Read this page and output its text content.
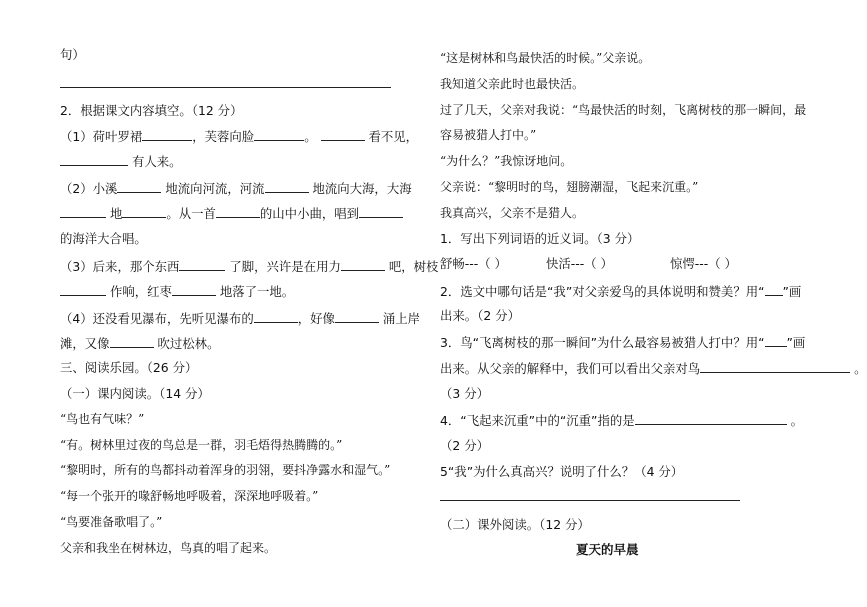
句）
2．根据课文内容填空。（12 分）
（1）荷叶罗裙	，芙蓉向脸	。	看不见，
有人来。
（2）小溪	地流向河流，河流	地流向大海，大海
地	。从一首	的山中小曲，唱到
的海洋大合唱。
（3）后来，那个东西	了脚，兴许是在用力	吧，树枝
作响，红枣	地落了一地。
（4）还没看见瀑布，先听见瀑布的	，好像	涌上岸
滩，又像	吹过松林。
三、阅读乐园。（26 分）
（一）课内阅读。（14 分）
“鸟也有气味？”
“有。树林里过夜的鸟总是一群，羽毛焐得热腾腾的。”
“黎明时，所有的鸟都抖动着浑身的羽翎，要抖净露水和湿气。”
“每一个张开的喙舒畅地呼吸着，深深地呼吸着。”
“鸟要准备歌唱了。”
父亲和我坐在树林边，鸟真的唱了起来。
“这是树林和鸟最快活的时候。”父亲说。
我知道父亲此时也最快活。
过了几天，父亲对我说：“鸟最快活的时刻，飞离树枝的那一瞬间，最
容易被猎人打中。”
“为什么？”我惊讶地问。
父亲说：“黎明时的鸟，翅膀潮湿，飞起来沉重。”
我真高兴，父亲不是猎人。
1．写出下列词语的近义词。（3 分）
舒畅---（ ）	快活---（ ）	惊愕---（ ）
2．选文中哪句话是“我”对父亲爱鸟的具体说明和赞美？用“ ”画
出来。（2 分）
3．鸟“飞离树枝的那一瞬间”为什么最容易被猎人打中？用“ ”画
出来。从父亲的解释中，我们可以看出父亲对鸟	。
（3 分）
4．“飞起来沉重”中的“沉重”指的是	。
（2 分）
5“我”为什么真高兴？说明了什么？（4 分）
（二）课外阅读。（12 分）
夏天的早晨
